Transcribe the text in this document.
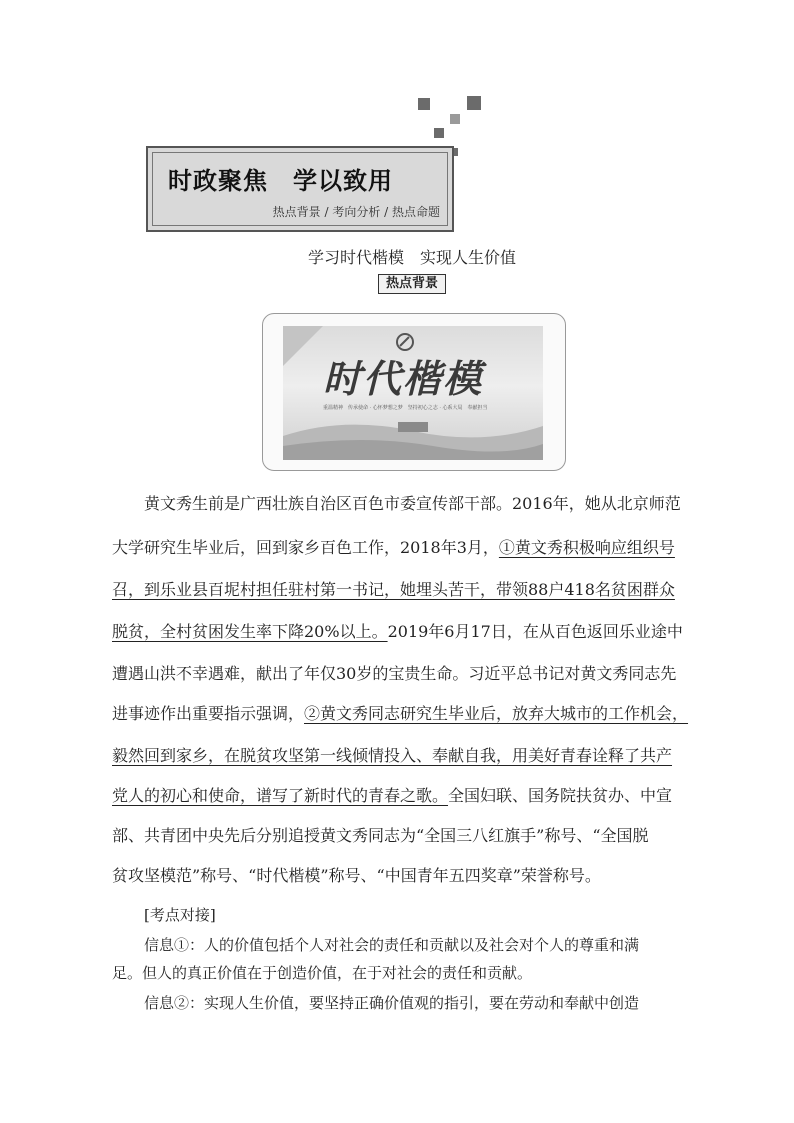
时政聚焦　学以致用
热点背景 / 考向分析 / 热点命题
学习时代楷模　实现人生价值
热点背景
时代楷模
重温精神　传承使命 · 心怀梦想之梦　坚持初心之志 · 心系大局　奉献担当
黄文秀生前是广西壮族自治区百色市委宣传部干部。2016年，她从北京师范
大学研究生毕业后，回到家乡百色工作，2018年3月，①黄文秀积极响应组织号
召，到乐业县百坭村担任驻村第一书记，她埋头苦干，带领88户418名贫困群众
脱贫，全村贫困发生率下降20%以上。2019年6月17日，在从百色返回乐业途中
遭遇山洪不幸遇难，献出了年仅30岁的宝贵生命。习近平总书记对黄文秀同志先
进事迹作出重要指示强调，②黄文秀同志研究生毕业后，放弃大城市的工作机会，
毅然回到家乡，在脱贫攻坚第一线倾情投入、奉献自我，用美好青春诠释了共产
党人的初心和使命，谱写了新时代的青春之歌。全国妇联、国务院扶贫办、中宣
部、共青团中央先后分别追授黄文秀同志为“全国三八红旗手”称号、“全国脱
贫攻坚模范”称号、“时代楷模”称号、“中国青年五四奖章”荣誉称号。
[考点对接]
信息①：人的价值包括个人对社会的责任和贡献以及社会对个人的尊重和满
足。但人的真正价值在于创造价值，在于对社会的责任和贡献。
信息②：实现人生价值，要坚持正确价值观的指引，要在劳动和奉献中创造
